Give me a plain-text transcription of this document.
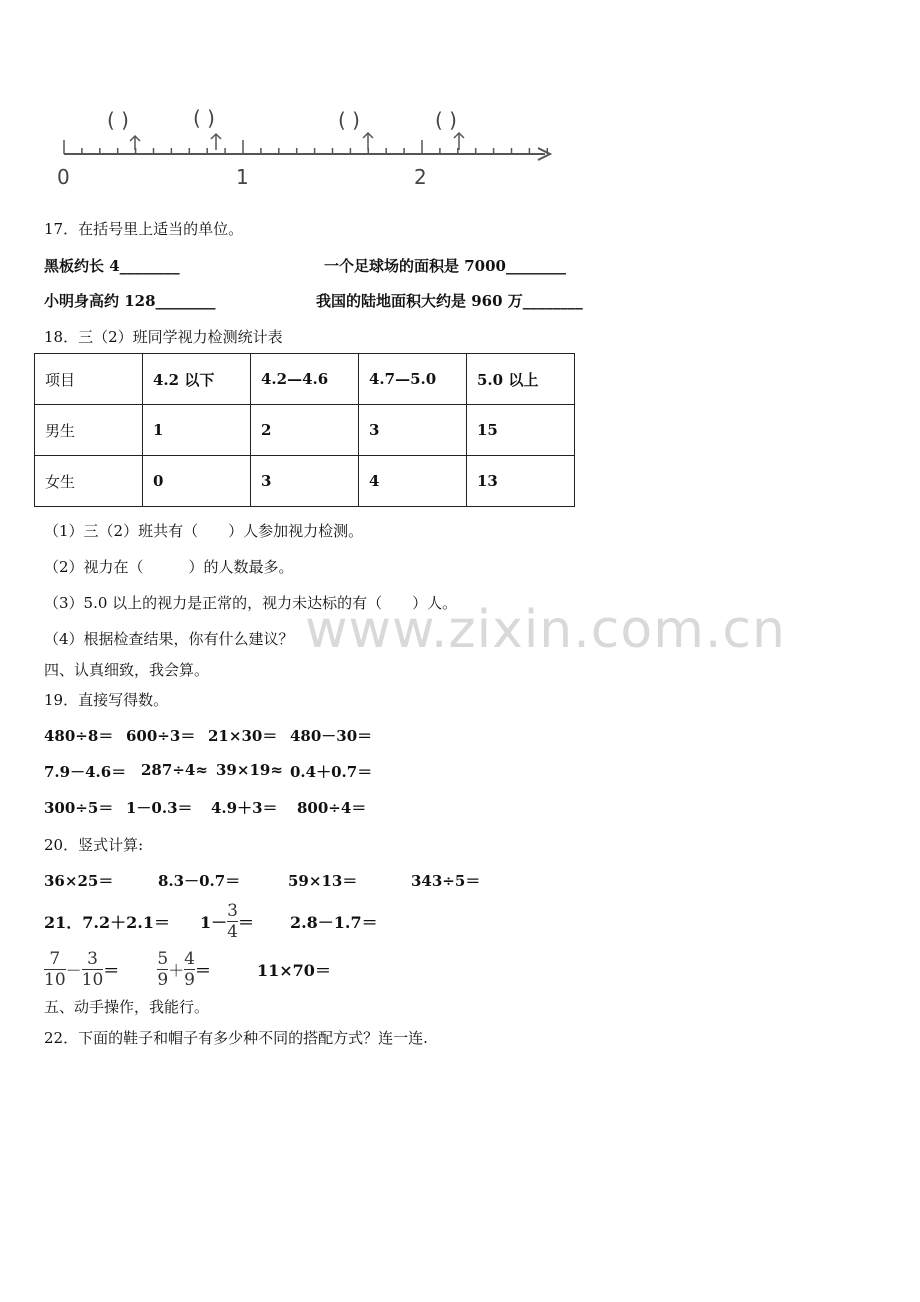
( )	( )	( )	( )
0	1	2
17．在括号里上适当的单位。
黑板约长 4________	一个足球场的面积是 7000________
小明身高约 128________	我国的陆地面积大约是 960 万________
18．三（2）班同学视力检测统计表
项目	4.2 以下	4.2—4.6	4.7—5.0	5.0 以上
男生	1	2	3	15
女生	0	3	4	13
（1）三（2）班共有（　　）人参加视力检测。
（2）视力在（　　　）的人数最多。
（3）5.0 以上的视力是正常的，视力未达标的有（　　）人。
（4）根据检查结果，你有什么建议？ www.zixin.com.cn
四、认真细致，我会算。
19．直接写得数。
480÷8＝ 600÷3＝ 21×30＝ 480－30＝
7.9－4.6＝ 287÷4≈ 39×19≈ 0.4＋0.7＝
300÷5＝ 1－0.3＝ 4.9＋3＝ 800÷4＝
20．竖式计算:
36×25＝	8.3－0.7＝	59×13＝	343÷5＝
21． $7.2+2.1= 1- \frac{3}{4} = 2.8-1.7=$
$\frac{7}{10} - \frac{3}{10} = \frac{5}{9} + \frac{4}{9}$ ＝	11×70＝
五、动手操作，我能行。
22．下面的鞋子和帽子有多少种不同的搭配方式？连一连.
